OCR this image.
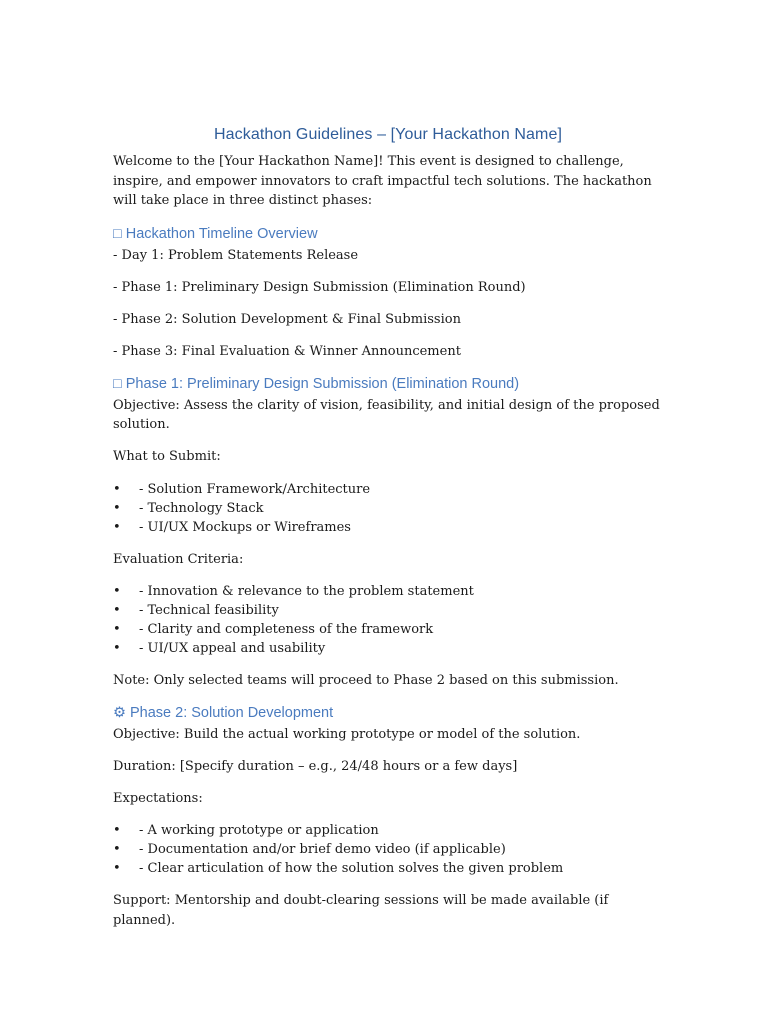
Hackathon Guidelines – [Your Hackathon Name]

Welcome to the [Your Hackathon Name]! This event is designed to challenge, inspire, and empower innovators to craft impactful tech solutions. The hackathon will take place in three distinct phases:

□ Hackathon Timeline Overview

- Day 1: Problem Statements Release

- Phase 1: Preliminary Design Submission (Elimination Round)

- Phase 2: Solution Development & Final Submission

- Phase 3: Final Evaluation & Winner Announcement

□ Phase 1: Preliminary Design Submission (Elimination Round)

Objective: Assess the clarity of vision, feasibility, and initial design of the proposed solution.

What to Submit:

• - Solution Framework/Architecture
• - Technology Stack
• - UI/UX Mockups or Wireframes

Evaluation Criteria:

• - Innovation & relevance to the problem statement
• - Technical feasibility
• - Clarity and completeness of the framework
• - UI/UX appeal and usability

Note: Only selected teams will proceed to Phase 2 based on this submission.

⚙ Phase 2: Solution Development

Objective: Build the actual working prototype or model of the solution.

Duration: [Specify duration – e.g., 24/48 hours or a few days]

Expectations:

• - A working prototype or application
• - Documentation and/or brief demo video (if applicable)
• - Clear articulation of how the solution solves the given problem

Support: Mentorship and doubt-clearing sessions will be made available (if planned).
